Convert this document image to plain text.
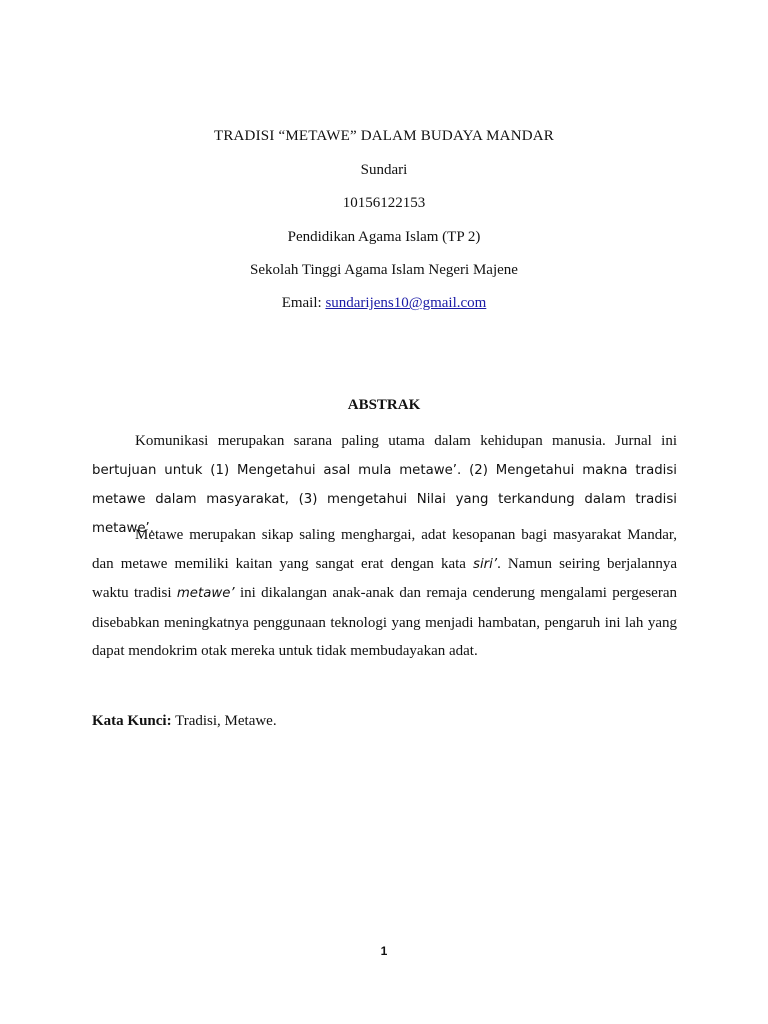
TRADISI “METAWE” DALAM BUDAYA MANDAR
Sundari
10156122153
Pendidikan Agama Islam (TP 2)
Sekolah Tinggi Agama Islam Negeri Majene
Email: sundarijens10@gmail.com
ABSTRAK
Komunikasi merupakan sarana paling utama dalam kehidupan manusia. Jurnal ini bertujuan untuk (1) Mengetahui asal mula metawe’. (2) Mengetahui makna tradisi metawe dalam masyarakat, (3) mengetahui Nilai yang terkandung dalam tradisi metawe’.
Metawe merupakan sikap saling menghargai, adat kesopanan bagi masyarakat Mandar, dan metawe memiliki kaitan yang sangat erat dengan kata siri’. Namun seiring berjalannya waktu tradisi metawe’ ini dikalangan anak-anak dan remaja cenderung mengalami pergeseran disebabkan meningkatnya penggunaan teknologi yang menjadi hambatan, pengaruh ini lah yang dapat mendokrim otak mereka untuk tidak membudayakan adat.
Kata Kunci: Tradisi, Metawe.
1
